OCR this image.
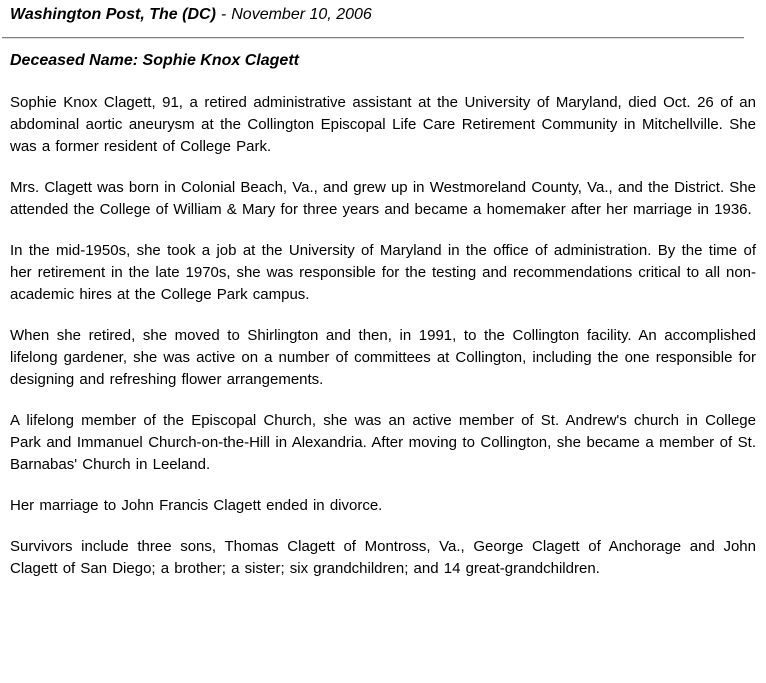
Washington Post, The (DC) - November 10, 2006
Deceased Name: Sophie Knox Clagett

Sophie Knox Clagett, 91, a retired administrative assistant at the University of Maryland, died Oct. 26 of an abdominal aortic aneurysm at the Collington Episcopal Life Care Retirement Community in Mitchellville. She was a former resident of College Park.

Mrs. Clagett was born in Colonial Beach, Va., and grew up in Westmoreland County, Va., and the District. She attended the College of William & Mary for three years and became a homemaker after her marriage in 1936.

In the mid-1950s, she took a job at the University of Maryland in the office of administration. By the time of her retirement in the late 1970s, she was responsible for the testing and recommendations critical to all non-academic hires at the College Park campus.

When she retired, she moved to Shirlington and then, in 1991, to the Collington facility. An accomplished lifelong gardener, she was active on a number of committees at Collington, including the one responsible for designing and refreshing flower arrangements.

A lifelong member of the Episcopal Church, she was an active member of St. Andrew's church in College Park and Immanuel Church-on-the-Hill in Alexandria. After moving to Collington, she became a member of St. Barnabas' Church in Leeland.

Her marriage to John Francis Clagett ended in divorce.

Survivors include three sons, Thomas Clagett of Montross, Va., George Clagett of Anchorage and John Clagett of San Diego; a brother; a sister; six grandchildren; and 14 great-grandchildren.
